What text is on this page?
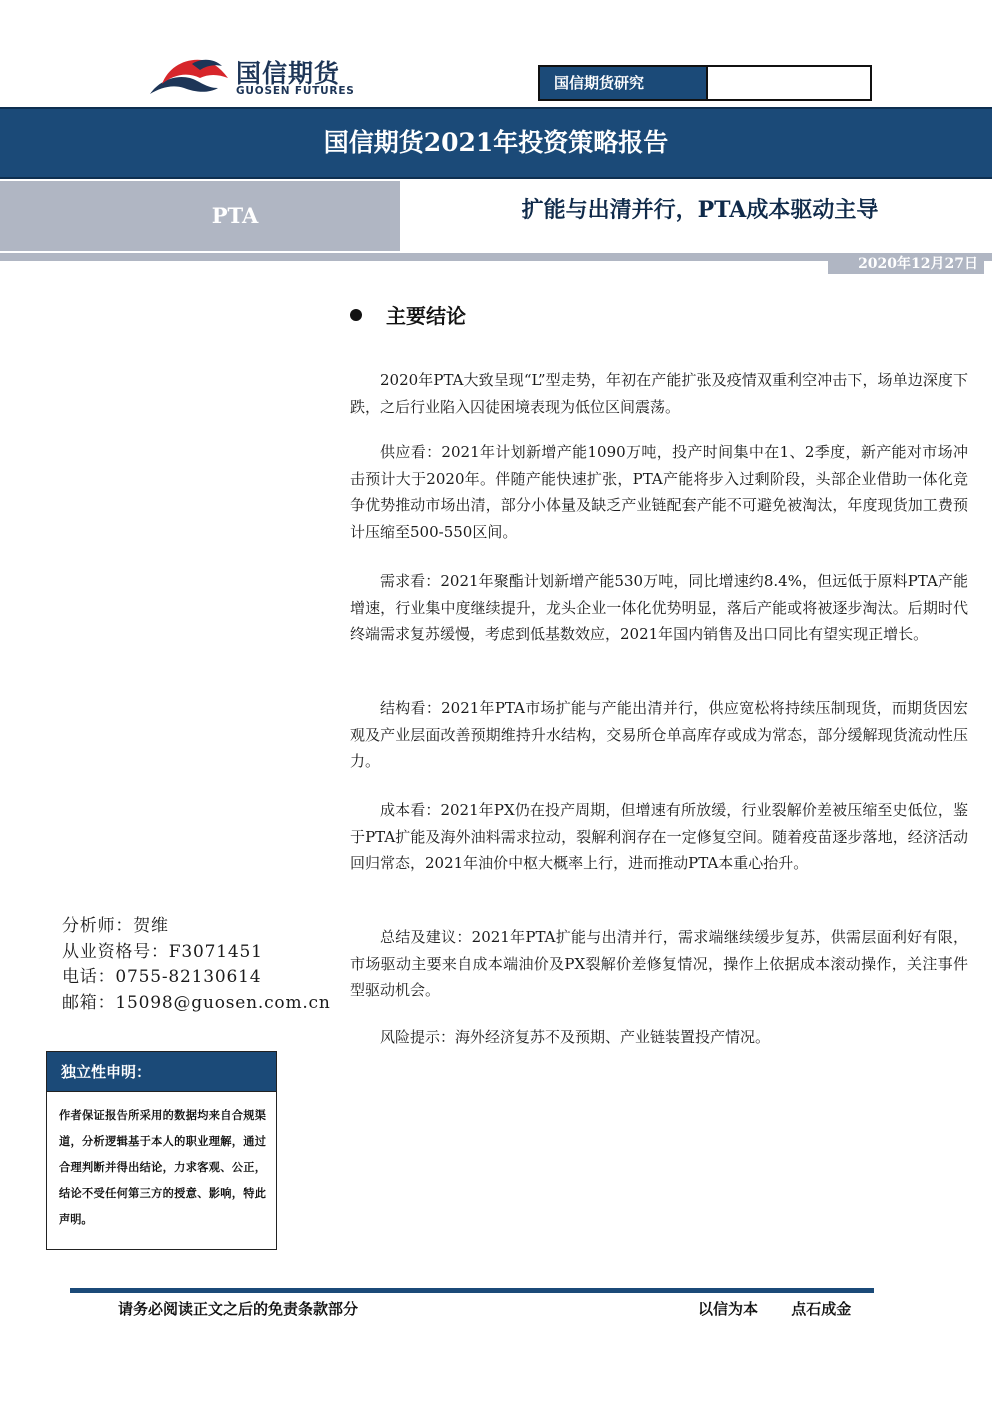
国信期货
GUOSEN FUTURES	国信期货研究
国信期货2021年投资策略报告
PTA	扩能与出清并行，PTA成本驱动主导
2020年12月27日
主要结论
2020年PTA大致呈现“L”型走势，年初在产能扩张及疫情双重利空冲击下，场单边深度下跌，之后行业陷入囚徒困境表现为低位区间震荡。
供应看：2021年计划新增产能1090万吨，投产时间集中在1、2季度，新产能对市场冲击预计大于2020年。伴随产能快速扩张，PTA产能将步入过剩阶段，头部企业借助一体化竞争优势推动市场出清，部分小体量及缺乏产业链配套产能不可避免被淘汰，年度现货加工费预计压缩至500-550区间。
需求看：2021年聚酯计划新增产能530万吨，同比增速约8.4%，但远低于原料PTA产能增速，行业集中度继续提升，龙头企业一体化优势明显，落后产能或将被逐步淘汰。后期时代终端需求复苏缓慢，考虑到低基数效应，2021年国内销售及出口同比有望实现正增长。
结构看：2021年PTA市场扩能与产能出清并行，供应宽松将持续压制现货，而期货因宏观及产业层面改善预期维持升水结构，交易所仓单高库存或成为常态，部分缓解现货流动性压力。
成本看：2021年PX仍在投产周期，但增速有所放缓，行业裂解价差被压缩至史低位，鉴于PTA扩能及海外油料需求拉动，裂解利润存在一定修复空间。随着疫苗逐步落地，经济活动回归常态，2021年油价中枢大概率上行，进而推动PTA本重心抬升。
总结及建议：2021年PTA扩能与出清并行，需求端继续缓步复苏，供需层面利好有限，市场驱动主要来自成本端油价及PX裂解价差修复情况，操作上依据成本滚动操作，关注事件型驱动机会。
风险提示：海外经济复苏不及预期、产业链装置投产情况。
分析师：贺维
从业资格号：F3071451
电话：0755-82130614
邮箱：15098@guosen.com.cn
独立性申明：
作者保证报告所采用的数据均来自合规渠道，分析逻辑基于本人的职业理解，通过合理判断并得出结论，力求客观、公正，结论不受任何第三方的授意、影响，特此声明。
请务必阅读正文之后的免责条款部分	以信为本 点石成金
